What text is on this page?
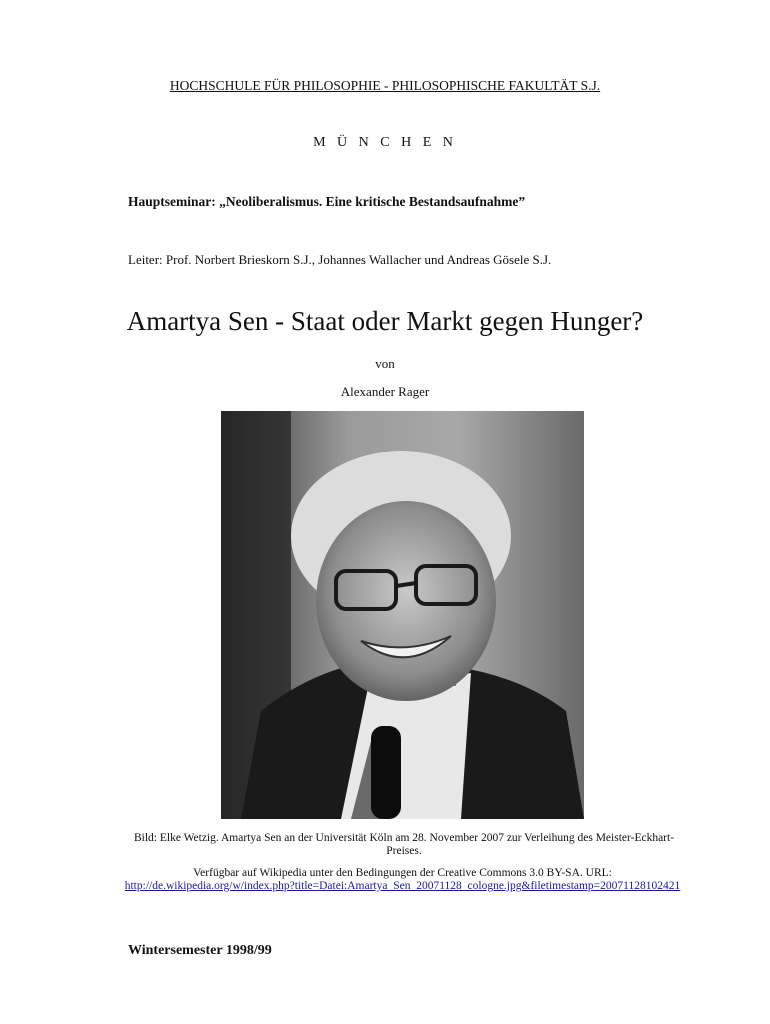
HOCHSCHULE FÜR PHILOSOPHIE - PHILOSOPHISCHE FAKULTÄT S.J.
M Ü N C H E N
Hauptseminar: „Neoliberalismus. Eine kritische Bestandsaufnahme”
Leiter: Prof. Norbert Brieskorn S.J., Johannes Wallacher und Andreas Gösele S.J.
Amartya Sen - Staat oder Markt gegen Hunger?
von
Alexander Rager
Bild: Elke Wetzig. Amartya Sen an der Universität Köln am 28. November 2007 zur Verleihung des Meister-Eckhart-Preises.
Verfügbar auf Wikipedia unter den Bedingungen der Creative Commons 3.0 BY-SA. URL:
http://de.wikipedia.org/w/index.php?title=Datei:Amartya_Sen_20071128_cologne.jpg&filetimestamp=20071128102421
Wintersemester 1998/99
